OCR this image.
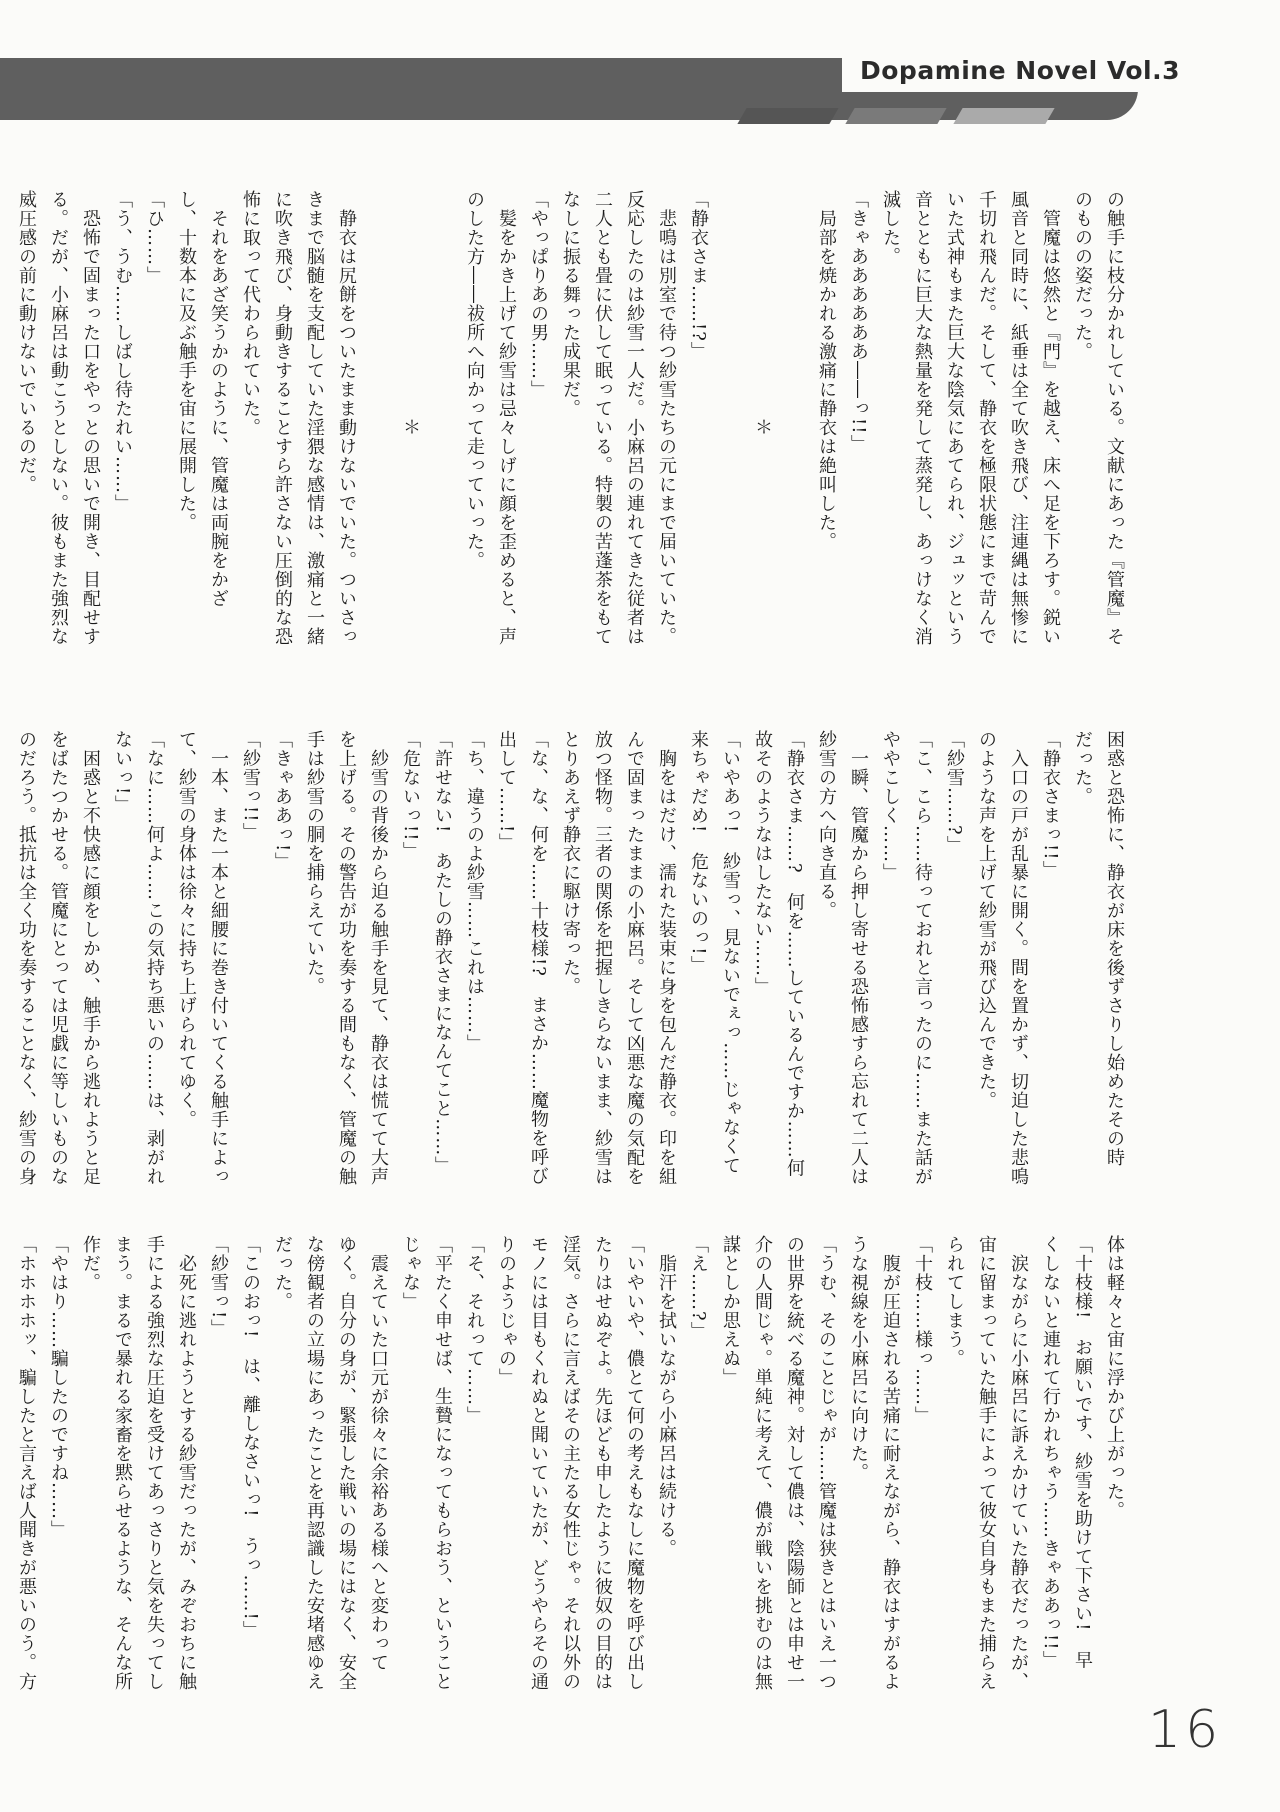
Dopamine Novel Vol.3
の触手に枝分かれしている。文献にあった『管魔』そ
のものの姿だった。
　管魔は悠然と『門』を越え、床へ足を下ろす。鋭い
風音と同時に、紙垂は全て吹き飛び、注連縄は無惨に
千切れ飛んだ。そして、静衣を極限状態にまで苛んで
いた式神もまた巨大な陰気にあてられ、ジュッという
音とともに巨大な熱量を発して蒸発し、あっけなく消
滅した。
「きゃああああああ――っ!!」
　局部を焼かれる激痛に静衣は絶叫した。

　　　　　　　　　　　　＊

「静衣さま……!?」
　悲鳴は別室で待つ紗雪たちの元にまで届いていた。
反応したのは紗雪一人だ。小麻呂の連れてきた従者は
二人とも畳に伏して眠っている。特製の苦蓬茶をもて
なしに振る舞った成果だ。
「やっぱりあの男……」
　髪をかき上げて紗雪は忌々しげに顔を歪めると、声
のした方――祓所へ向かって走っていった。

　　　　　　　　　　　　＊

　静衣は尻餅をついたまま動けないでいた。ついさっ
きまで脳髄を支配していた淫猥な感情は、激痛と一緒
に吹き飛び、身動きすることすら許さない圧倒的な恐
怖に取って代わられていた。
　それをあざ笑うかのように、管魔は両腕をかざ
し、十数本に及ぶ触手を宙に展開した。
「ひ……」
「う、うむ……しばし待たれい……」
　恐怖で固まった口をやっとの思いで開き、目配せす
る。だが、小麻呂は動こうとしない。彼もまた強烈な
威圧感の前に動けないでいるのだ。
困惑と恐怖に、静衣が床を後ずさりし始めたその時
だった。
「静衣さまっ!!」
　入口の戸が乱暴に開く。間を置かず、切迫した悲鳴
のような声を上げて紗雪が飛び込んできた。
「紗雪……?」
「こ、こら……待っておれと言ったのに……また話が
ややこしく……」
　一瞬、管魔から押し寄せる恐怖感すら忘れて二人は
紗雪の方へ向き直る。
「静衣さま……?　何を……しているんですか……何
故そのようなはしたない……」
「いやあっ!　紗雪っ、見ないでぇっ……じゃなくて
来ちゃだめ!　危ないのっ!」
　胸をはだけ、濡れた装束に身を包んだ静衣。印を組
んで固まったままの小麻呂。そして凶悪な魔の気配を
放つ怪物。三者の関係を把握しきらないまま、紗雪は
とりあえず静衣に駆け寄った。
「な、な、何を……十枝様!?　まさか……魔物を呼び
出して……!」
「ち、違うのよ紗雪……これは……」
「許せない!　あたしの静衣さまになんてこと……」
「危ないっ!!」
　紗雪の背後から迫る触手を見て、静衣は慌てて大声
を上げる。その警告が功を奏する間もなく、管魔の触
手は紗雪の胴を捕らえていた。
「きゃああっ!」
「紗雪っ!!」
　一本、また一本と細腰に巻き付いてくる触手によっ
て、紗雪の身体は徐々に持ち上げられてゆく。
「なに……何よ……この気持ち悪いの……は、剥がれ
ないっ!」
　困惑と不快感に顔をしかめ、触手から逃れようと足
をばたつかせる。管魔にとっては児戯に等しいものな
のだろう。抵抗は全く功を奏することなく、紗雪の身
体は軽々と宙に浮かび上がった。
「十枝様!　お願いです、紗雪を助けて下さい!　早
くしないと連れて行かれちゃう……きゃああっ!!」
　涙ながらに小麻呂に訴えかけていた静衣だったが、
宙に留まっていた触手によって彼女自身もまた捕らえ
られてしまう。
「十枝……様っ……」
　腹が圧迫される苦痛に耐えながら、静衣はすがるよ
うな視線を小麻呂に向けた。
「うむ、そのことじゃが……管魔は狭きとはいえ一つ
の世界を統べる魔神。対して儂は、陰陽師とは申せ一
介の人間じゃ。単純に考えて、儂が戦いを挑むのは無
謀としか思えぬ」
「え……?」
　脂汗を拭いながら小麻呂は続ける。
「いやいや、儂とて何の考えもなしに魔物を呼び出し
たりはせぬぞよ。先ほども申したように彼奴の目的は
淫気。さらに言えばその主たる女性じゃ。それ以外の
モノには目もくれぬと聞いていたが、どうやらその通
りのようじゃの」
「そ、それって……」
「平たく申せば、生贄になってもらおう、ということ
じゃな」
　震えていた口元が徐々に余裕ある様へと変わって
ゆく。自分の身が、緊張した戦いの場にはなく、安全
な傍観者の立場にあったことを再認識した安堵感ゆえ
だった。
「このおっ!　は、離しなさいっ!　うっ……!」
「紗雪っ!」
　必死に逃れようとする紗雪だったが、みぞおちに触
手による強烈な圧迫を受けてあっさりと気を失ってし
まう。まるで暴れる家畜を黙らせるような、そんな所
作だ。
「やはり……騙したのですね……」
「ホホホホッ、騙したと言えば人聞きが悪いのう。方
16
